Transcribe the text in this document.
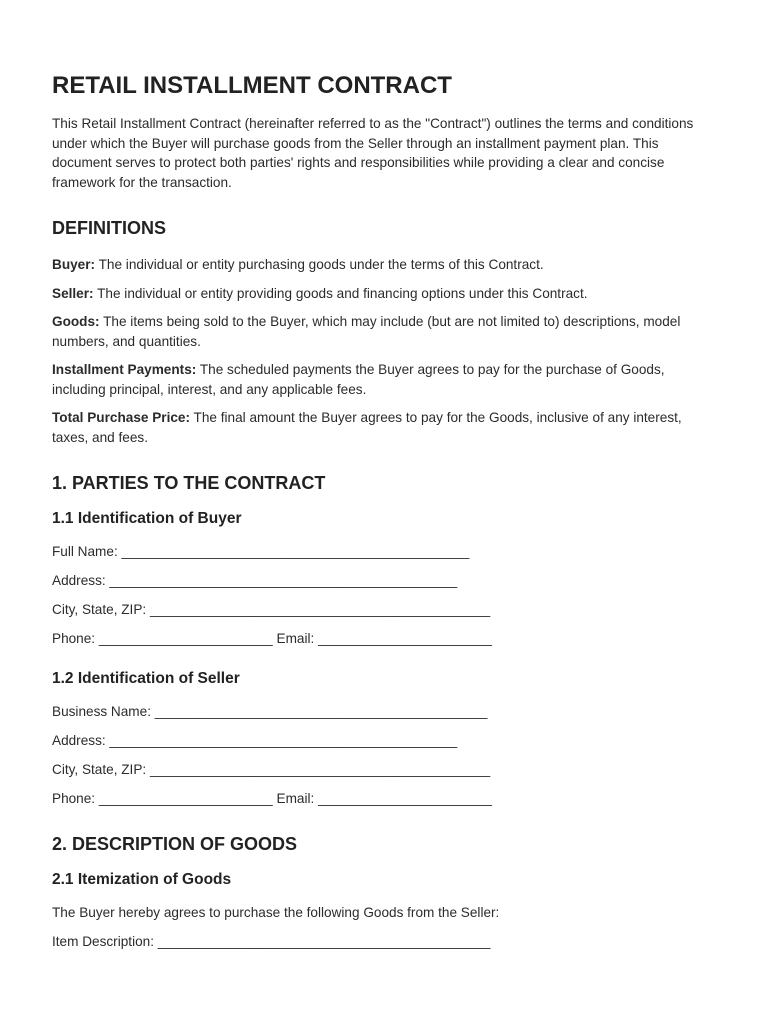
RETAIL INSTALLMENT CONTRACT

This Retail Installment Contract (hereinafter referred to as the "Contract") outlines the terms and conditions under which the Buyer will purchase goods from the Seller through an installment payment plan. This document serves to protect both parties' rights and responsibilities while providing a clear and concise framework for the transaction.

DEFINITIONS

Buyer: The individual or entity purchasing goods under the terms of this Contract.

Seller: The individual or entity providing goods and financing options under this Contract.

Goods: The items being sold to the Buyer, which may include (but are not limited to) descriptions, model numbers, and quantities.

Installment Payments: The scheduled payments the Buyer agrees to pay for the purchase of Goods, including principal, interest, and any applicable fees.

Total Purchase Price: The final amount the Buyer agrees to pay for the Goods, inclusive of any interest, taxes, and fees.

1. PARTIES TO THE CONTRACT
1.1 Identification of Buyer
Full Name: ______________________________________________
Address: ______________________________________________
City, State, ZIP: _____________________________________________
Phone: _______________________ Email: _______________________
1.2 Identification of Seller
Business Name: ____________________________________________
Address: ______________________________________________
City, State, ZIP: _____________________________________________
Phone: _______________________ Email: _______________________
2. DESCRIPTION OF GOODS
2.1 Itemization of Goods

The Buyer hereby agrees to purchase the following Goods from the Seller:

Item Description: ____________________________________________
